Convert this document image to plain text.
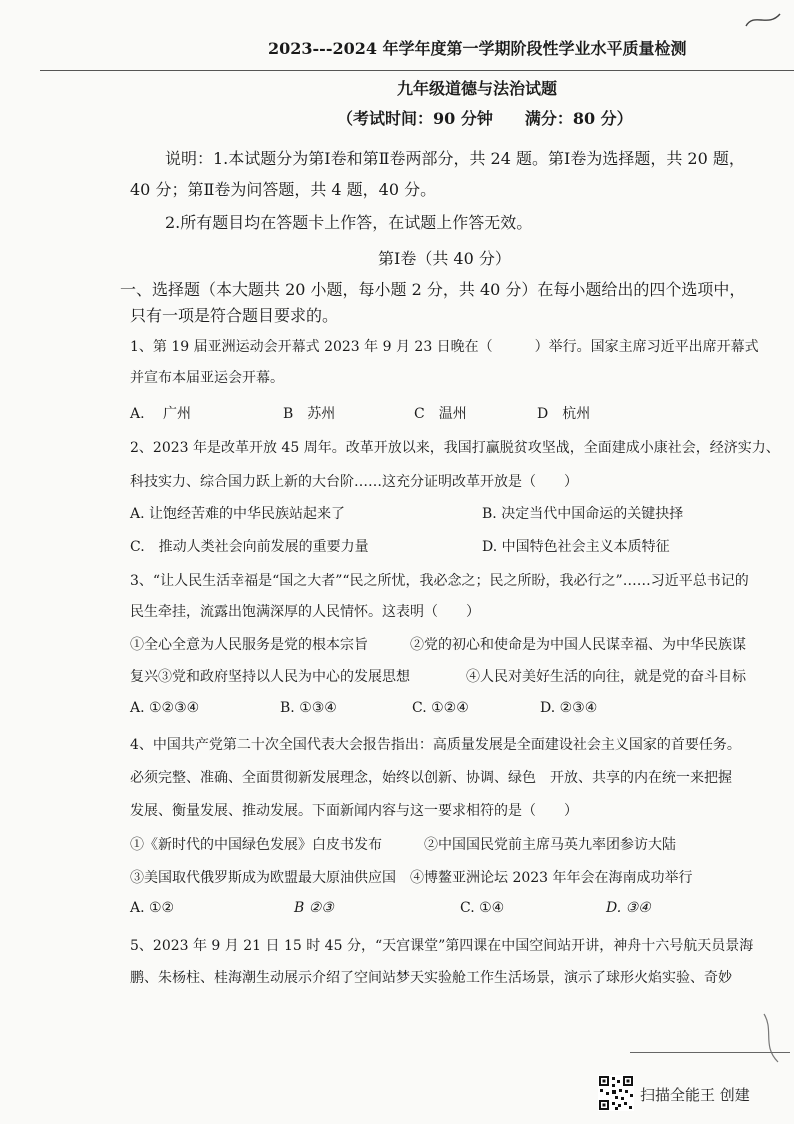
2023---2024 年学年度第一学期阶段性学业水平质量检测
九年级道德与法治试题
（考试时间：90 分钟　　满分：80 分）
说明：1.本试题分为第Ⅰ卷和第Ⅱ卷两部分，共 24 题。第Ⅰ卷为选择题，共 20 题，
40 分；第Ⅱ卷为问答题，共 4 题，40 分。
2.所有题目均在答题卡上作答，在试题上作答无效。
第Ⅰ卷（共 40 分）
一、选择题（本大题共 20 小题，每小题 2 分，共 40 分）在每小题给出的四个选项中，
只有一项是符合题目要求的。
1、第 19 届亚洲运动会开幕式 2023 年 9 月 23 日晚在（　　　）举行。国家主席习近平出席开幕式
并宣布本届亚运会开幕。
A.　 广州	B　苏州	C　温州	D　杭州
2、2023 年是改革开放 45 周年。改革开放以来，我国打赢脱贫攻坚战，全面建成小康社会，经济实力、
科技实力、综合国力跃上新的大台阶……这充分证明改革开放是（　　）
A. 让饱经苦难的中华民族站起来了	B. 决定当代中国命运的关键抉择
C.　推动人类社会向前发展的重要力量	D. 中国特色社会主义本质特征
3、“让人民生活幸福是“国之大者”“民之所忧，我必念之；民之所盼，我必行之”……习近平总书记的
民生牵挂，流露出饱满深厚的人民情怀。这表明（　　）
①全心全意为人民服务是党的根本宗旨　　　②党的初心和使命是为中国人民谋幸福、为中华民族谋
复兴③党和政府坚持以人民为中心的发展思想　　　　④人民对美好生活的向往，就是党的奋斗目标
A. ①②③④	B. ①③④	C. ①②④	D. ②③④
4、中国共产党第二十次全国代表大会报告指出：高质量发展是全面建设社会主义国家的首要任务。
必须完整、准确、全面贯彻新发展理念，始终以创新、协调、绿色　开放、共享的内在统一来把握
发展、衡量发展、推动发展。下面新闻内容与这一要求相符的是（　　）
①《新时代的中国绿色发展》白皮书发布　　　②中国国民党前主席马英九率团参访大陆
③美国取代俄罗斯成为欧盟最大原油供应国　④博鳌亚洲论坛 2023 年年会在海南成功举行
A. ①②	B ②③	C. ①④	D. ③④
5、2023 年 9 月 21 日 15 时 45 分，“天宫课堂”第四课在中国空间站开讲，神舟十六号航天员景海
鹏、朱杨柱、桂海潮生动展示介绍了空间站梦天实验舱工作生活场景，演示了球形火焰实验、奇妙
扫描全能王 创建
